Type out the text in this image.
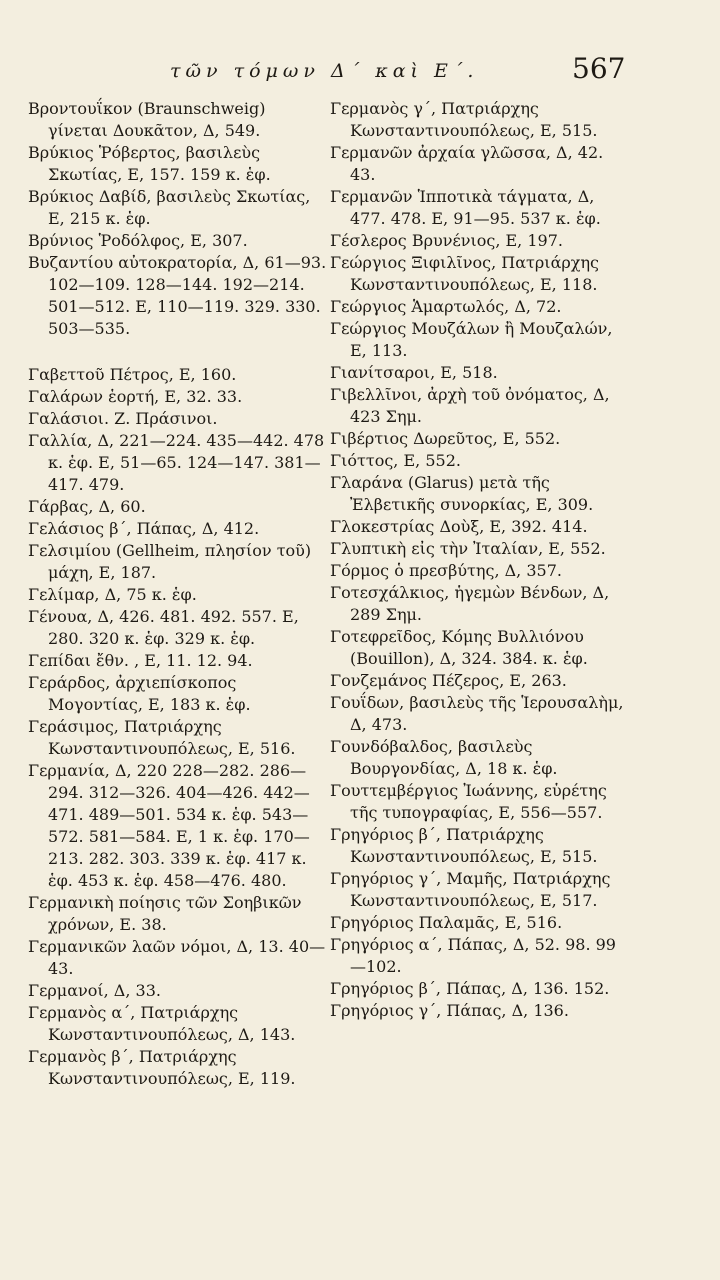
τῶν τόμων Δ΄ καὶ Ε΄.	567

Βροντουΐκον (Braunschweig) γίνεται Δουκᾶτον, Δ, 549.

Βρύκιος Ῥόβερτος, βασιλεὺς Σκωτίας, Ε, 157. 159 κ. ἑφ.

Βρύκιος Δαβίδ, βασιλεὺς Σκωτίας, Ε, 215 κ. ἑφ.

Βρύνιος Ῥοδόλφος, Ε, 307.

Βυζαντίου αὐτοκρατορία, Δ, 61—93. 102—109. 128—144. 192—214. 501—512. Ε, 110—119. 329. 330. 503—535.

Γαβεττοῦ Πέτρος, Ε, 160.

Γαλάρων ἑορτή, Ε, 32. 33.

Γαλάσιοι. Ζ. Πράσινοι.

Γαλλία, Δ, 221—224. 435—442. 478 κ. ἑφ. Ε, 51—65. 124—147. 381—417. 479.

Γάρβας, Δ, 60.

Γελάσιος β΄, Πάπας, Δ, 412.

Γελσιμίου (Gellheim, πλησίον τοῦ) μάχη, Ε, 187.

Γελίμαρ, Δ, 75 κ. ἑφ.

Γένουα, Δ, 426. 481. 492. 557. Ε, 280. 320 κ. ἑφ. 329 κ. ἑφ.

Γεπίδαι ἔθν. , Ε, 11. 12. 94.

Γεράρδος, ἀρχιεπίσκοπος Μογοντίας, Ε, 183 κ. ἑφ.

Γεράσιμος, Πατριάρχης Κωνσταντινουπόλεως, Ε, 516.

Γερμανία, Δ, 220 228—282. 286—294. 312—326. 404—426. 442—471. 489—501. 534 κ. ἑφ. 543—572. 581—584. Ε, 1 κ. ἑφ. 170—213. 282. 303. 339 κ. ἑφ. 417 κ. ἑφ. 453 κ. ἑφ. 458—476. 480.

Γερμανικὴ ποίησις τῶν Σοηβικῶν χρόνων, Ε. 38.

Γερμανικῶν λαῶν νόμοι, Δ, 13. 40—43.

Γερμανοί, Δ, 33.

Γερμανὸς α΄, Πατριάρχης Κωνσταντινουπόλεως, Δ, 143.

Γερμανὸς β΄, Πατριάρχης Κωνσταντινουπόλεως, Ε, 119.

Γερμανὸς γ΄, Πατριάρχης Κωνσταντινουπόλεως, Ε, 515.

Γερμανῶν ἀρχαία γλῶσσα, Δ, 42. 43.

Γερμανῶν Ἱπποτικὰ τάγματα, Δ, 477. 478. Ε, 91—95. 537 κ. ἑφ.

Γέσλερος Βρυνένιος, Ε, 197.

Γεώργιος Ξιφιλῖνος, Πατριάρχης Κωνσταντινουπόλεως, Ε, 118.

Γεώργιος Ἁμαρτωλός, Δ, 72.

Γεώργιος Μουζάλων ἢ Μουζαλών, Ε, 113.

Γιανίτσαροι, Ε, 518.

Γιβελλῖνοι, ἀρχὴ τοῦ ὀνόματος, Δ, 423 Σημ.

Γιβέρτιος Δωρεῦτος, Ε, 552.

Γιόττος, Ε, 552.

Γλαράνα (Glarus) μετὰ τῆς Ἐλβετικῆς συνορκίας, Ε, 309.

Γλοκεστρίας Δοὺξ, Ε, 392. 414.

Γλυπτικὴ εἰς τὴν Ἰταλίαν, Ε, 552.

Γόρμος ὁ πρεσβύτης, Δ, 357.

Γοτεσχάλκιος, ἡγεμὼν Βένδων, Δ, 289 Σημ.

Γοτεφρεῖδος, Κόμης Βυλλιόνου (Bouillon), Δ, 324. 384. κ. ἑφ.

Γονζεμάνος Πέζερος, Ε, 263.

Γουΐδων, βασιλεὺς τῆς Ἱερουσαλὴμ, Δ, 473.

Γουνδόβαλδος, βασιλεὺς Βουργονδίας, Δ, 18 κ. ἑφ.

Γουττεμβέργιος Ἰωάννης, εὑρέτης τῆς τυπογραφίας, Ε, 556—557.

Γρηγόριος β΄, Πατριάρχης Κωνσταντινουπόλεως, Ε, 515.

Γρηγόριος γ΄, Μαμῆς, Πατριάρχης Κωνσταντινουπόλεως, Ε, 517.

Γρηγόριος Παλαμᾶς, Ε, 516.

Γρηγόριος α΄, Πάπας, Δ, 52. 98. 99—102.

Γρηγόριος β΄, Πάπας, Δ, 136. 152.

Γρηγόριος γ΄, Πάπας, Δ, 136.
